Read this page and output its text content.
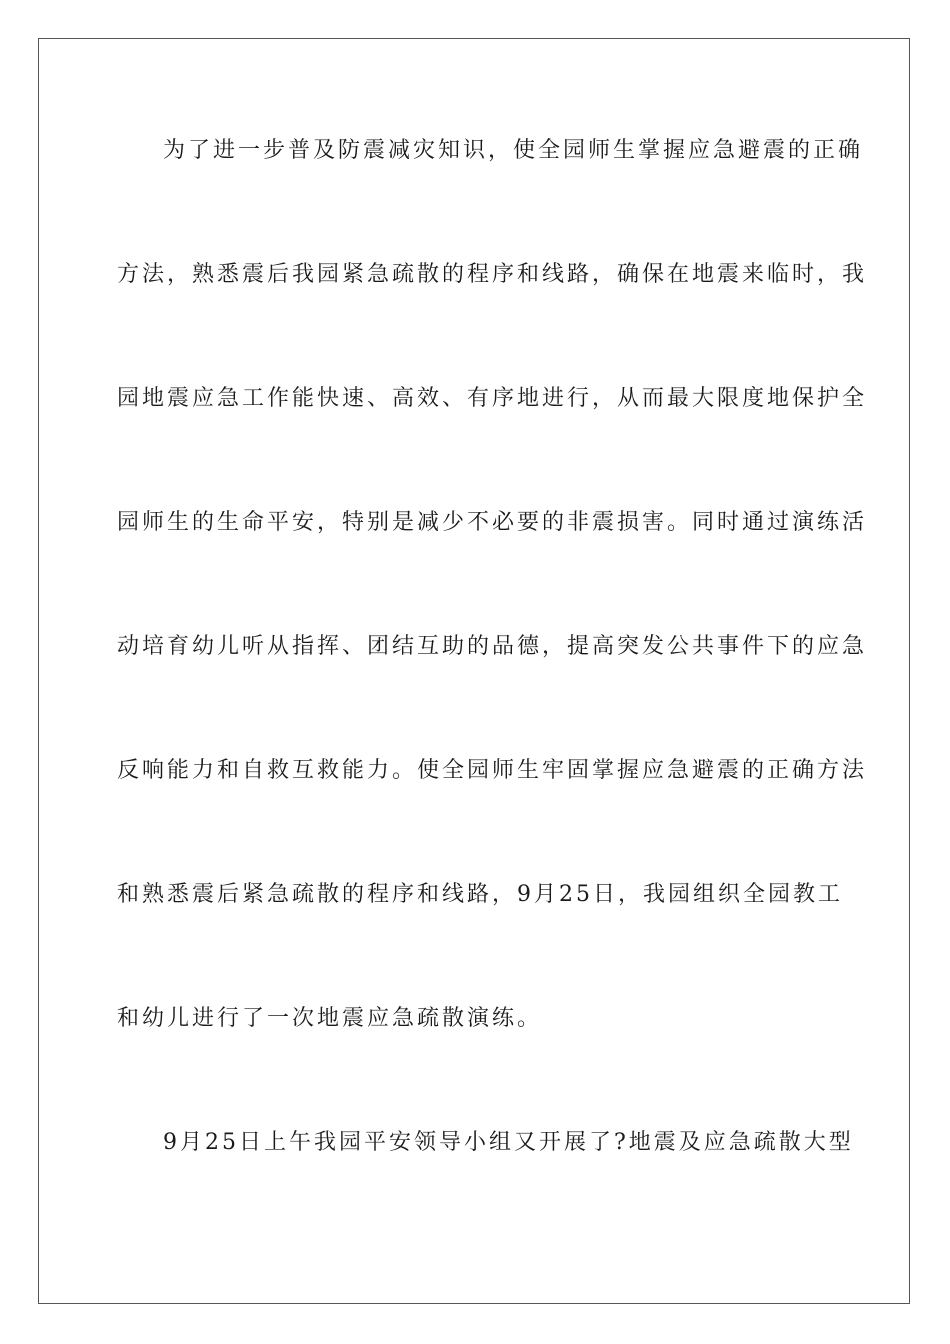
为了进一步普及防震减灾知识，使全园师生掌握应急避震的正确
方法，熟悉震后我园紧急疏散的程序和线路，确保在地震来临时，我
园地震应急工作能快速、高效、有序地进行，从而最大限度地保护全
园师生的生命平安，特别是减少不必要的非震损害。同时通过演练活
动培育幼儿听从指挥、团结互助的品德，提高突发公共事件下的应急
反响能力和自救互救能力。使全园师生牢固掌握应急避震的正确方法
和熟悉震后紧急疏散的程序和线路，9月25日，我园组织全园教工
和幼儿进行了一次地震应急疏散演练。
9月25日上午我园平安领导小组又开展了?地震及应急疏散大型
